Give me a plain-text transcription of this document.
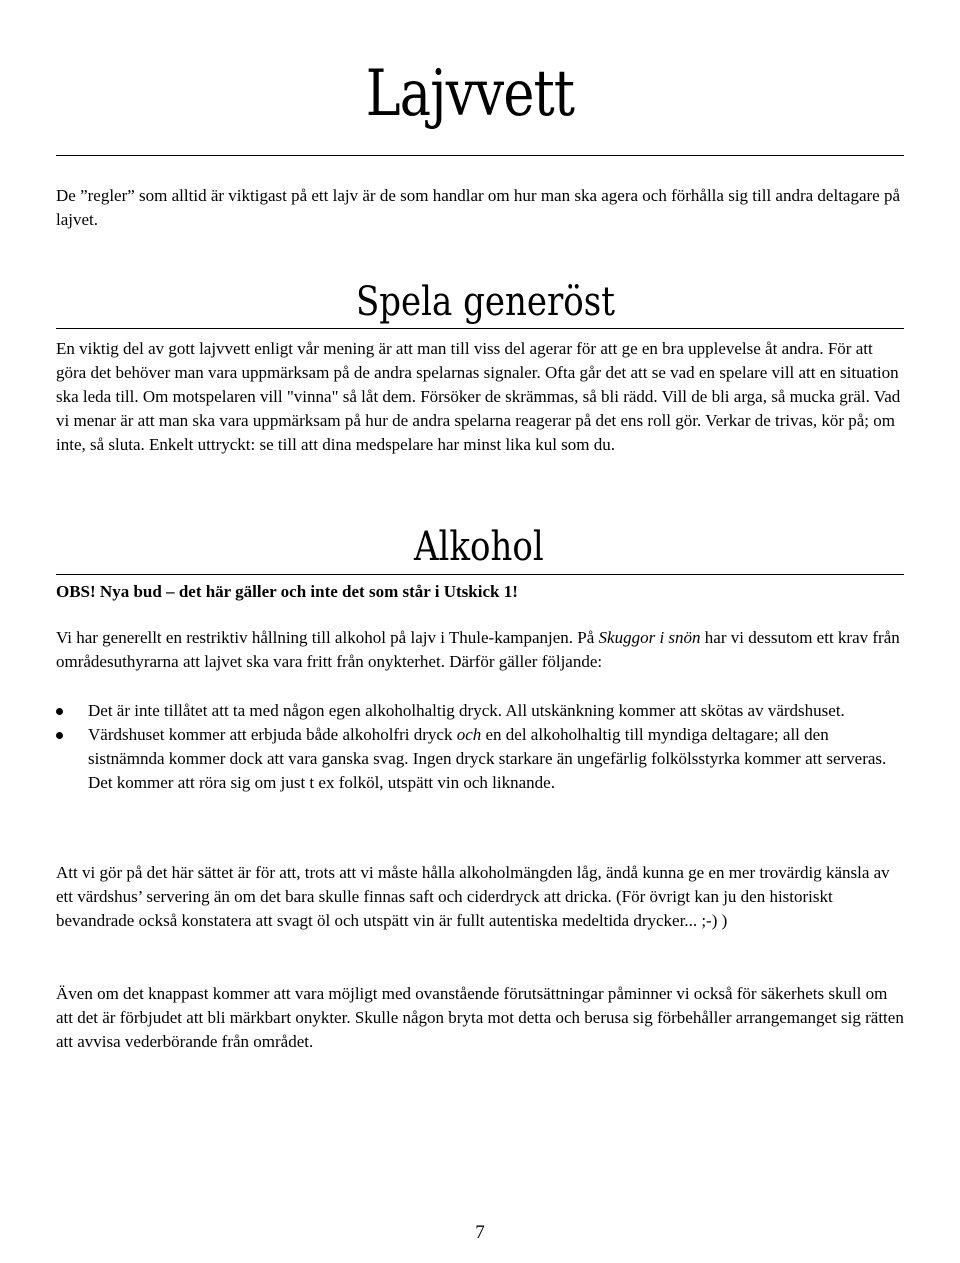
Lajvvett

De ”regler” som alltid är viktigast på ett lajv är de som handlar om hur man ska agera och förhålla sig till andra deltagare på lajvet.

Spela generöst

En viktig del av gott lajvvett enligt vår mening är att man till viss del agerar för att ge en bra upplevelse åt andra. För att göra det behöver man vara uppmärksam på de andra spelarnas signaler. Ofta går det att se vad en spelare vill att en situation ska leda till. Om motspelaren vill "vinna" så låt dem. Försöker de skrämmas, så bli rädd. Vill de bli arga, så mucka gräl. Vad vi menar är att man ska vara uppmärksam på hur de andra spelarna reagerar på det ens roll gör. Verkar de trivas, kör på; om inte, så sluta. Enkelt uttryckt: se till att dina medspelare har minst lika kul som du.

Alkohol

OBS! Nya bud – det här gäller och inte det som står i Utskick 1!

Vi har generellt en restriktiv hållning till alkohol på lajv i Thule-kampanjen. På Skuggor i snön har vi dessutom ett krav från områdesuthyrarna att lajvet ska vara fritt från onykterhet. Därför gäller följande:

Det är inte tillåtet att ta med någon egen alkoholhaltig dryck. All utskänkning kommer att skötas av värdshuset.
Värdshuset kommer att erbjuda både alkoholfri dryck och en del alkoholhaltig till myndiga deltagare; all den sistnämnda kommer dock att vara ganska svag. Ingen dryck starkare än ungefärlig folkölsstyrka kommer att serveras. Det kommer att röra sig om just t ex folköl, utspätt vin och liknande.

Att vi gör på det här sättet är för att, trots att vi måste hålla alkoholmängden låg, ändå kunna ge en mer trovärdig känsla av ett värdshus’ servering än om det bara skulle finnas saft och ciderdryck att dricka. (För övrigt kan ju den historiskt bevandrade också konstatera att svagt öl och utspätt vin är fullt autentiska medeltida drycker... ;-) )

Även om det knappast kommer att vara möjligt med ovanstående förutsättningar påminner vi också för säkerhets skull om att det är förbjudet att bli märkbart onykter. Skulle någon bryta mot detta och berusa sig förbehåller arrangemanget sig rätten att avvisa vederbörande från området.

7
